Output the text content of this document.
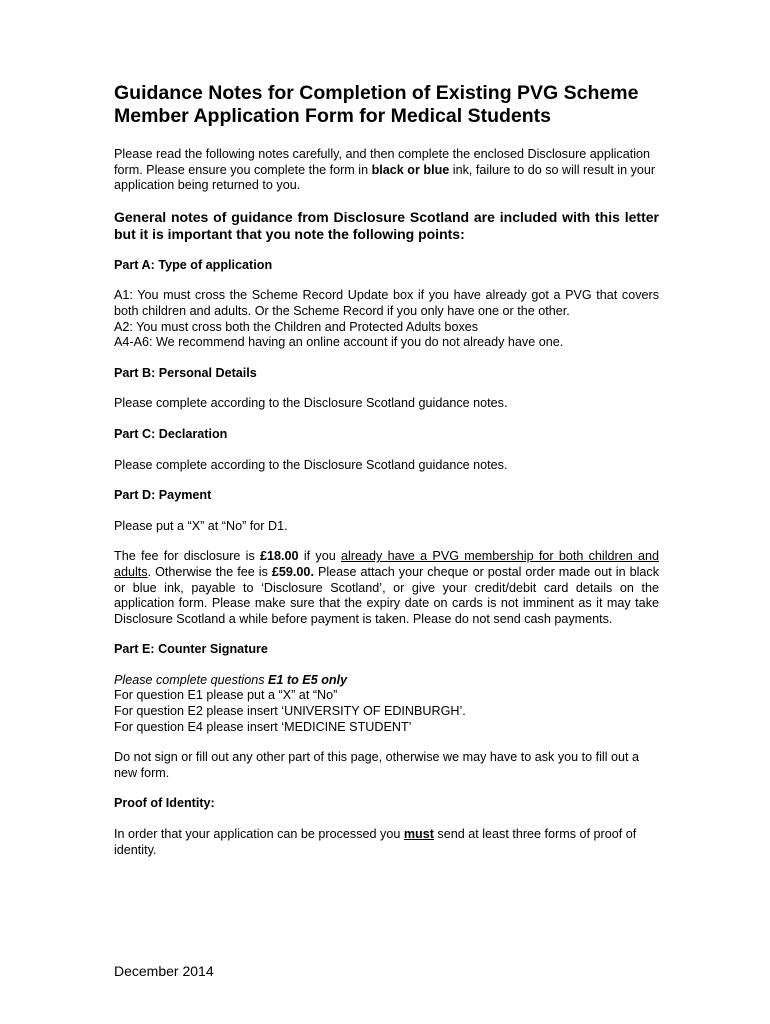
Guidance Notes for Completion of Existing PVG Scheme Member Application Form for Medical Students

Please read the following notes carefully, and then complete the enclosed Disclosure application form. Please ensure you complete the form in black or blue ink, failure to do so will result in your application being returned to you.

General notes of guidance from Disclosure Scotland are included with this letter but it is important that you note the following points:

Part A: Type of application

A1: You must cross the Scheme Record Update box if you have already got a PVG that covers both children and adults. Or the Scheme Record if you only have one or the other.

A2: You must cross both the Children and Protected Adults boxes

A4-A6: We recommend having an online account if you do not already have one.

Part B: Personal Details

Please complete according to the Disclosure Scotland guidance notes.

Part C: Declaration

Please complete according to the Disclosure Scotland guidance notes.

Part D: Payment

Please put a “X” at “No” for D1.

The fee for disclosure is £18.00 if you already have a PVG membership for both children and adults. Otherwise the fee is £59.00. Please attach your cheque or postal order made out in black or blue ink, payable to ‘Disclosure Scotland’, or give your credit/debit card details on the application form. Please make sure that the expiry date on cards is not imminent as it may take Disclosure Scotland a while before payment is taken. Please do not send cash payments.

Part E: Counter Signature

Please complete questions E1 to E5 only

For question E1 please put a “X” at “No”

For question E2 please insert ‘UNIVERSITY OF EDINBURGH’.

For question E4 please insert ‘MEDICINE STUDENT’

Do not sign or fill out any other part of this page, otherwise we may have to ask you to fill out a new form.

Proof of Identity:

In order that your application can be processed you must send at least three forms of proof of identity.

December 2014
